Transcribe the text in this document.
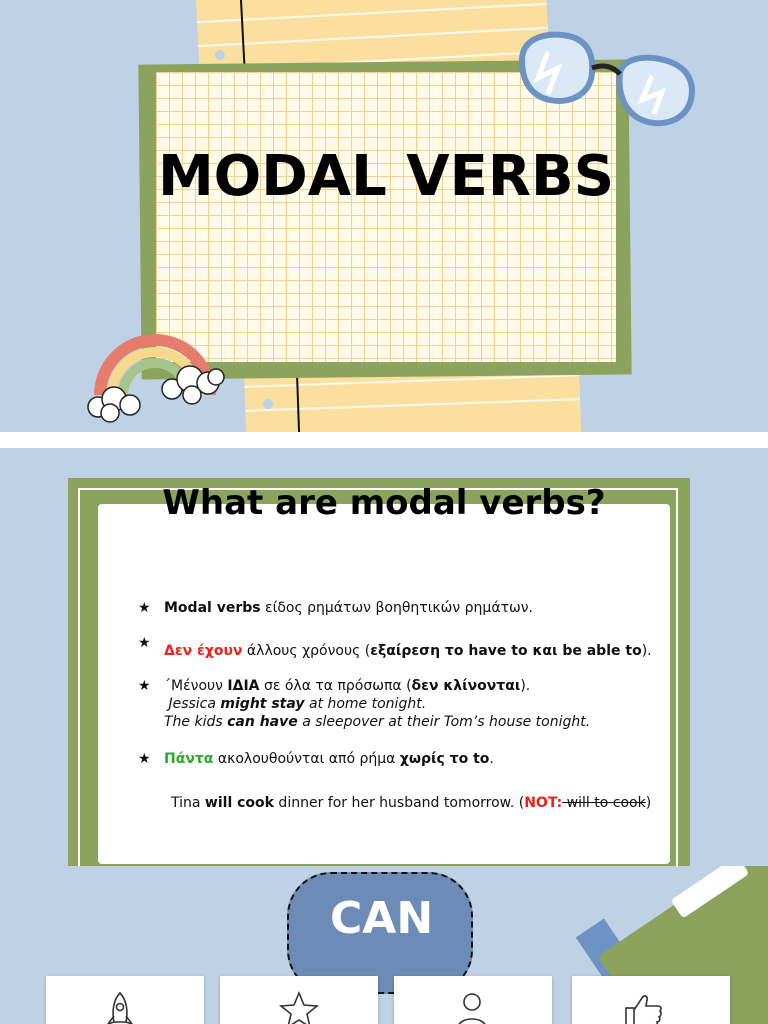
MODAL VERBS
What are modal verbs?
★ Modal verbs είδος ρημάτων βοηθητικών ρημάτων.
★ Δεν έχουν άλλους χρόνους (εξαίρεση το have to και be able to).
★ ΄Μένουν ΙΔΙΑ σε όλα τα πρόσωπα (δεν κλίνονται).
Jessica might stay at home tonight.
The kids can have a sleepover at their Tom’s house tonight.
★ Πάντα ακολουθούνται από ρήμα χωρίς το to.
Tina will cook dinner for her husband tomorrow. (NOT: will to cook)
CAN
